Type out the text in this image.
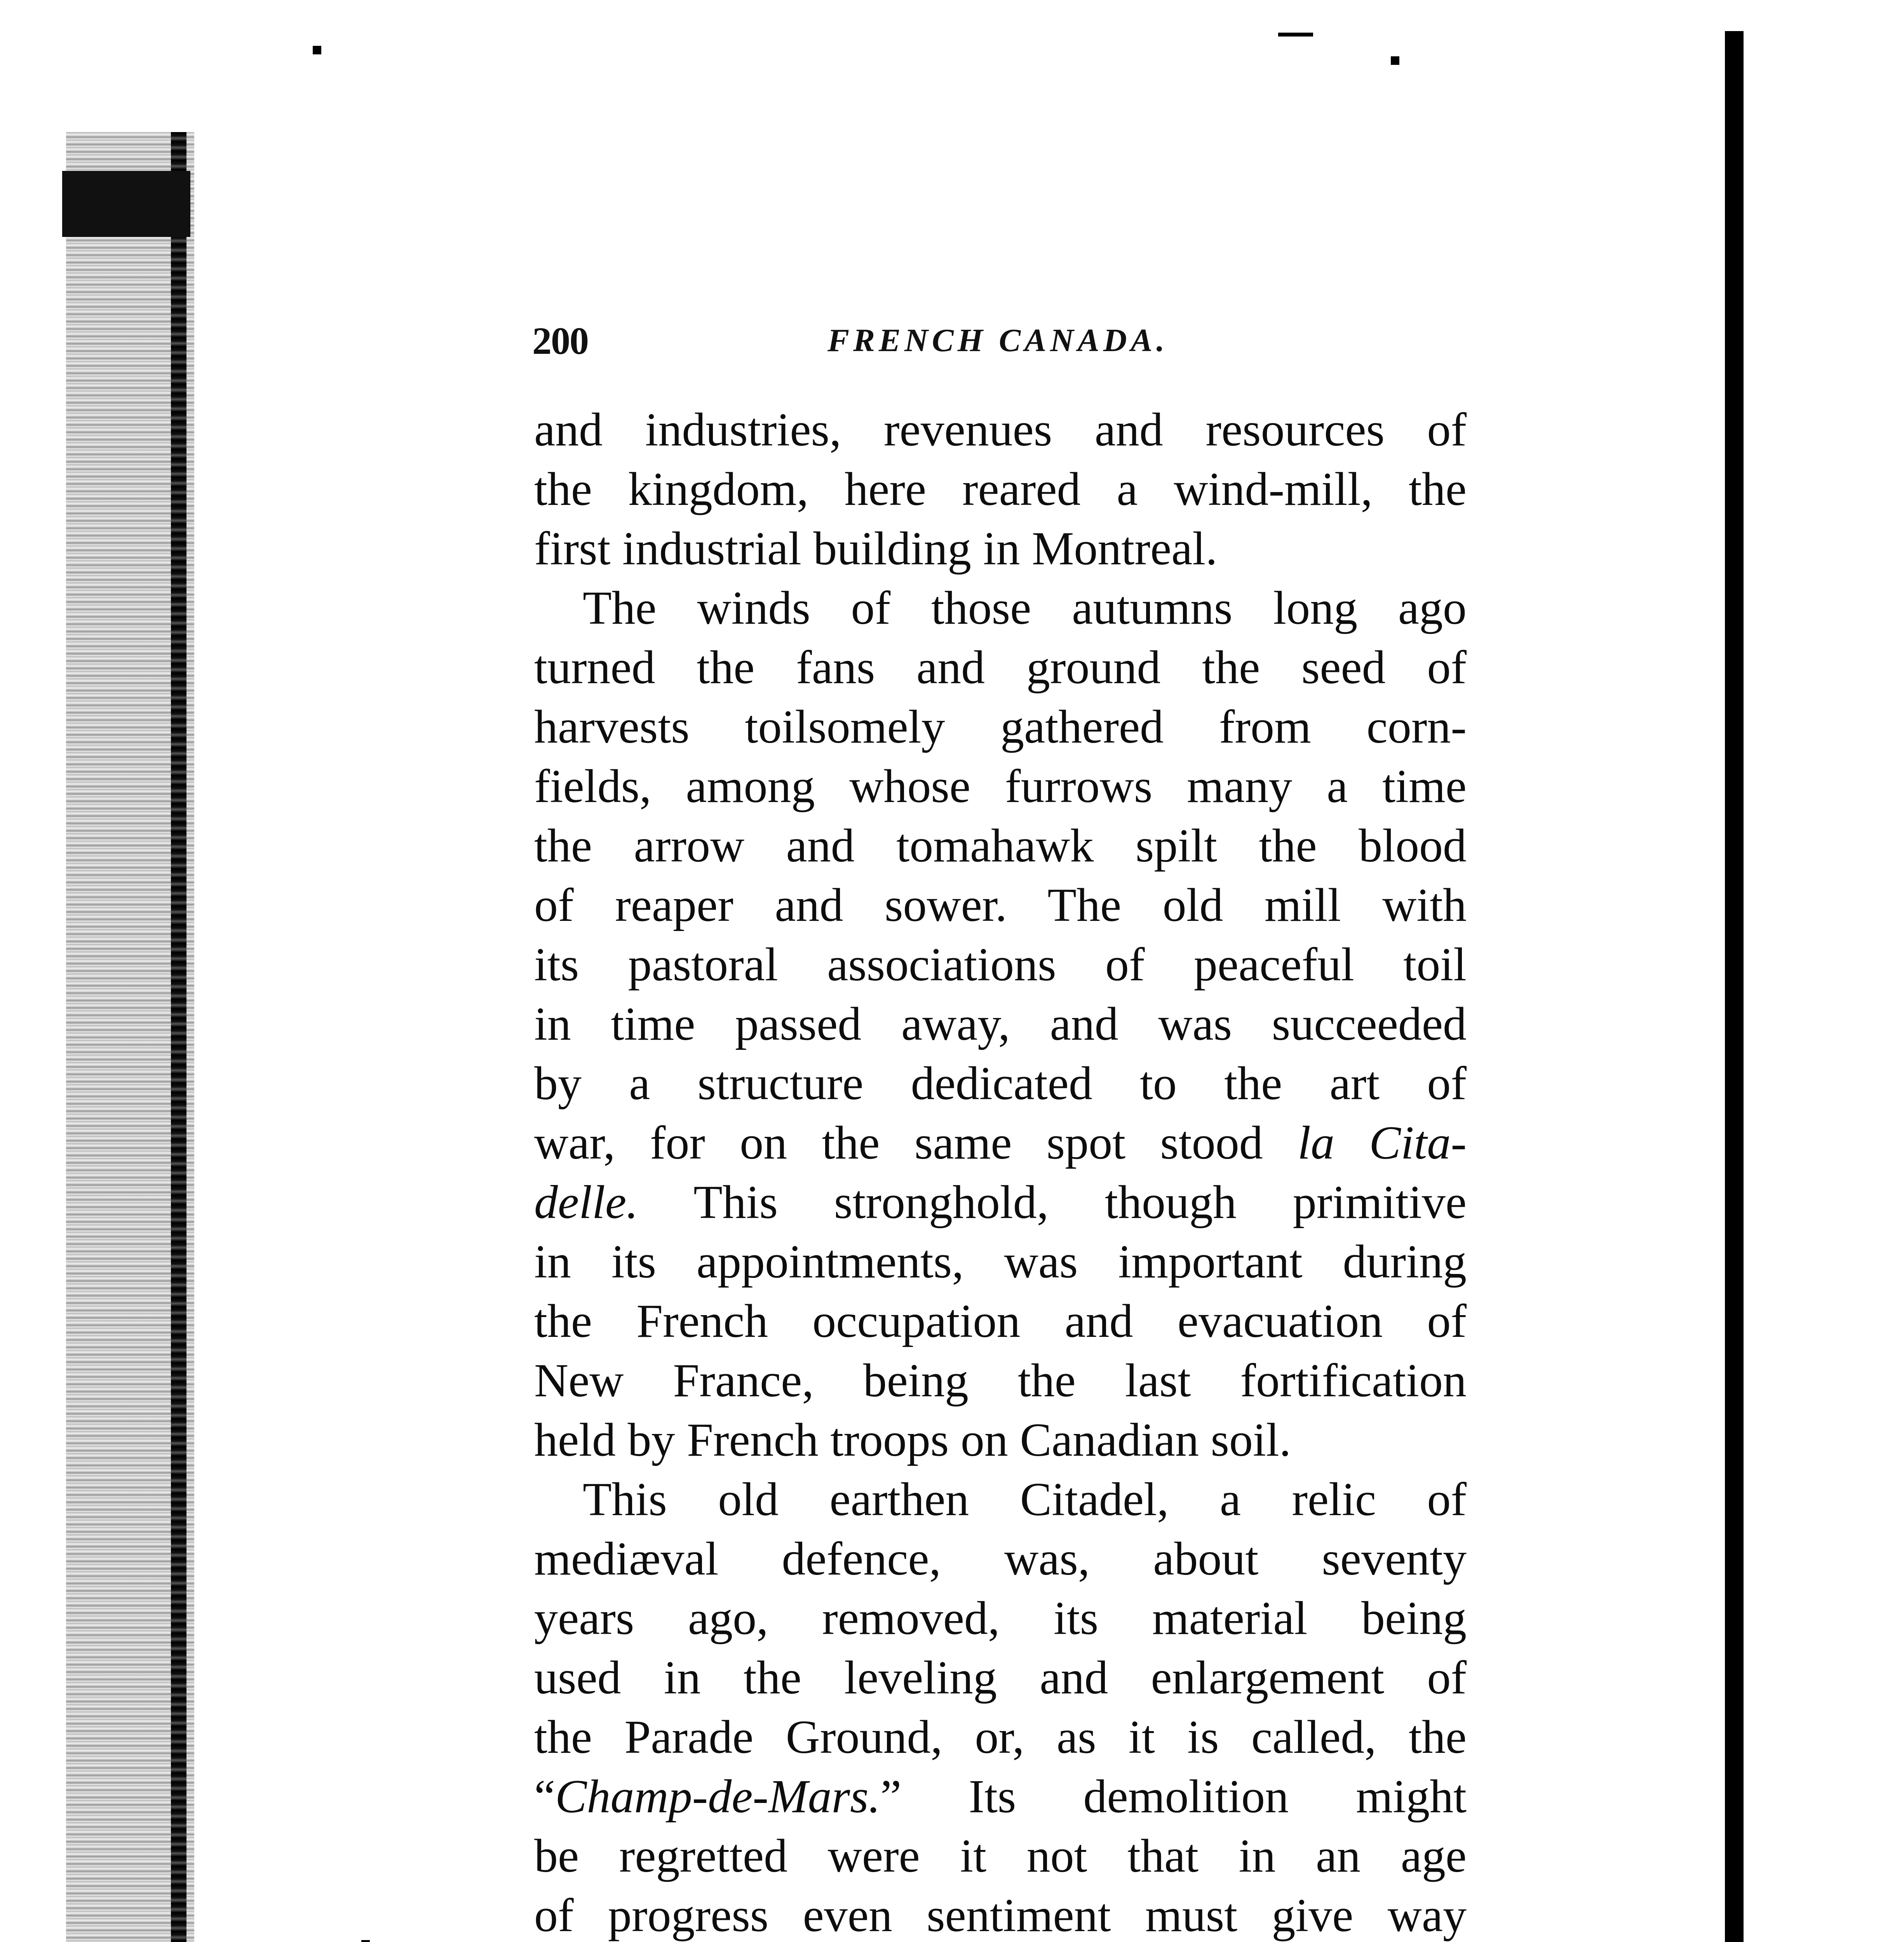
200	FRENCH CANADA.
and industries, revenues and resources of
the kingdom, here reared a wind-mill, the
first industrial building in Montreal.
The winds of those autumns long ago
turned the fans and ground the seed of
harvests toilsomely gathered from corn-
fields, among whose furrows many a time
the arrow and tomahawk spilt the blood
of reaper and sower. The old mill with
its pastoral associations of peaceful toil
in time passed away, and was succeeded
by a structure dedicated to the art of
war, for on the same spot stood la Cita-
delle. This stronghold, though primitive
in its appointments, was important during
the French occupation and evacuation of
New France, being the last fortification
held by French troops on Canadian soil.
This old earthen Citadel, a relic of
mediæval defence, was, about seventy
years ago, removed, its material being
used in the leveling and enlargement of
the Parade Ground, or, as it is called, the
“Champ-de-Mars.” Its demolition might
be regretted were it not that in an age
of progress even sentiment must give way
